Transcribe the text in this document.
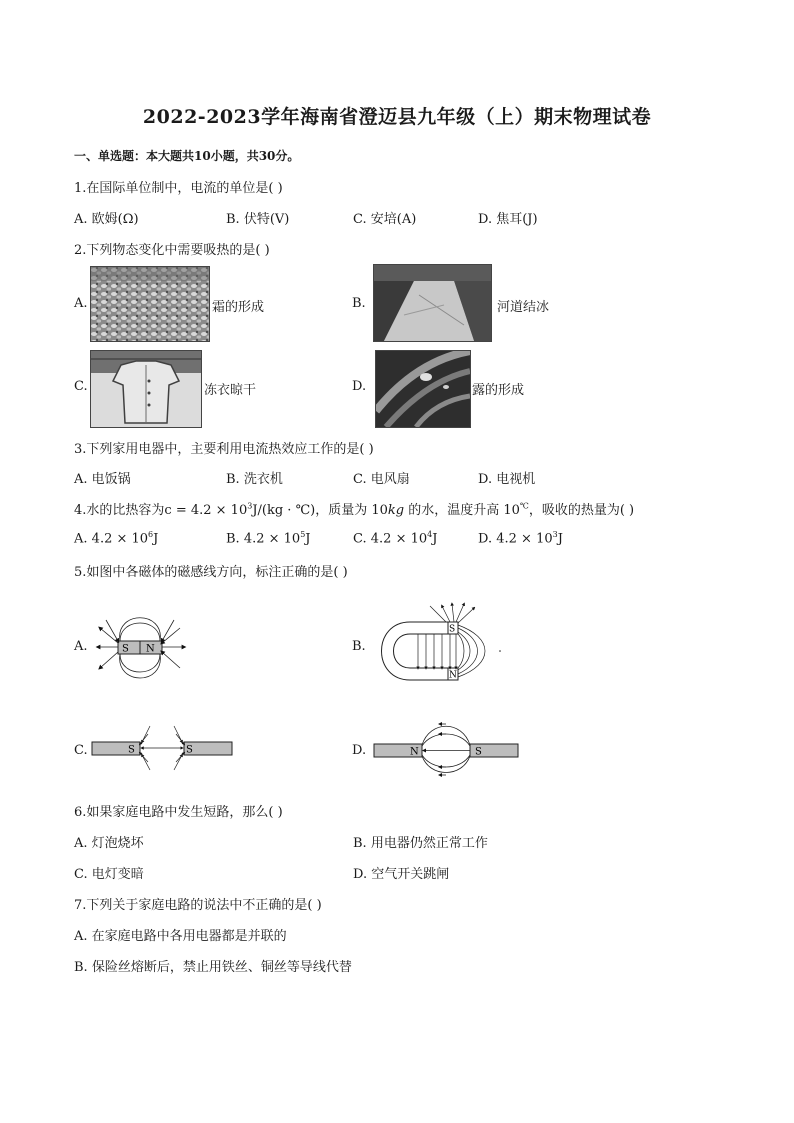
2022-2023学年海南省澄迈县九年级（上）期末物理试卷
一、单选题：本大题共10小题，共30分。
1.在国际单位制中，电流的单位是( )
A. 欧姆(Ω)	B. 伏特(V)	C. 安培(A)	D. 焦耳(J)
2.下列物态变化中需要吸热的是( )
A.	霜的形成	B.	河道结冰
C.	冻衣晾干	D.	露的形成
3.下列家用电器中，主要利用电流热效应工作的是( )
A. 电饭锅	B. 洗衣机	C. 电风扇	D. 电视机
4.水的比热容为$c = 4.2 \times 10^3J/(kg$ · ℃)，质量为 10kg 的水，温度升高 10℃，吸收的热量为( )
A. $4.2 \times 10^6J$	B. $4.2 \times 10^5J$	C. $4.2 \times 10^4J$	D. $4.2 \times 10^3J$
5.如图中各磁体的磁感线方向，标注正确的是( )
A.	S N	B.
S
N
C.	S	S	D.	N	S
6.如果家庭电路中发生短路，那么( )
A. 灯泡烧坏	B. 用电器仍然正常工作
C. 电灯变暗	D. 空气开关跳闸
7.下列关于家庭电路的说法中不正确的是( )
A. 在家庭电路中各用电器都是并联的
B. 保险丝熔断后，禁止用铁丝、铜丝等导线代替
